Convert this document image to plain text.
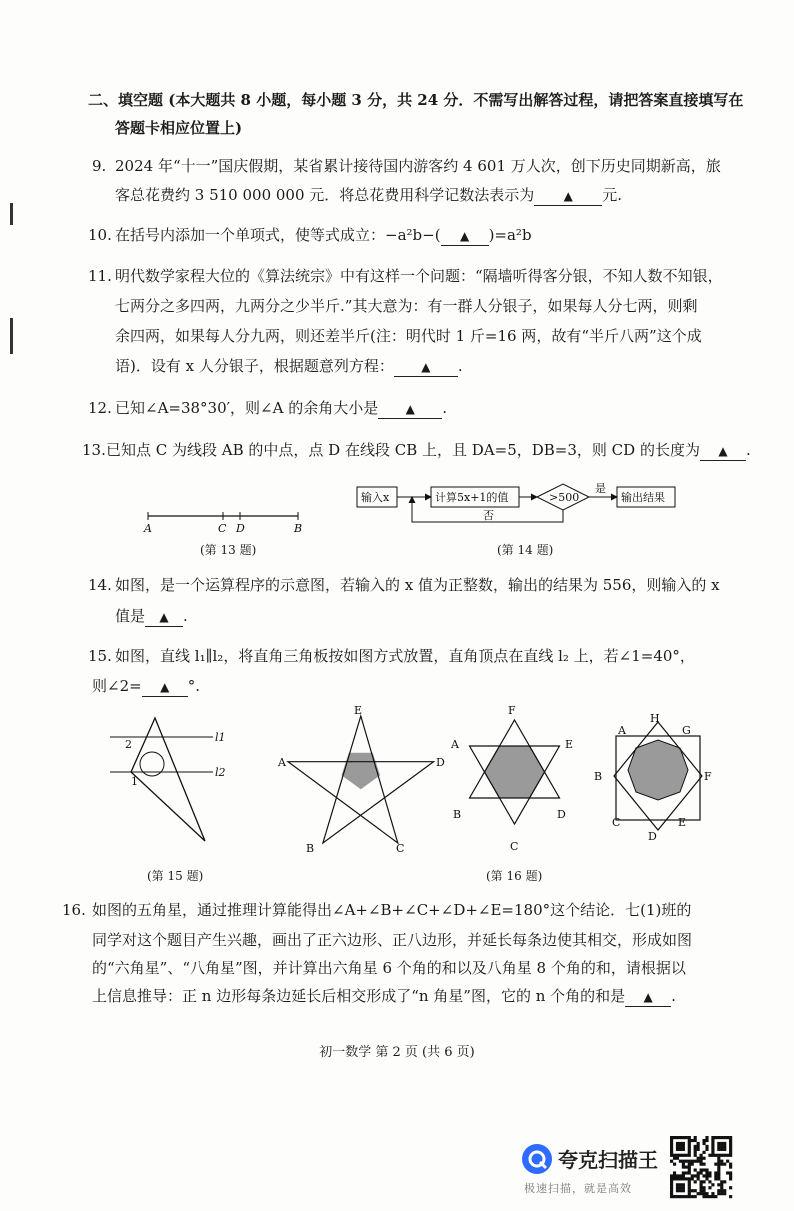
二、填空题 (本大题共 8 小题，每小题 3 分，共 24 分．不需写出解答过程，请把答案直接填写在
答题卡相应位置上)
9. 2024 年“十一”国庆假期，某省累计接待国内游客约 4 601 万人次，创下历史同期新高，旅
客总花费约 3 510 000 000 元．将总花费用科学记数法表示为 ▲ 元.
10. 在括号内添加一个单项式，使等式成立：−a²b−( ▲ )=a²b
11. 明代数学家程大位的《算法统宗》中有这样一个问题：“隔墙听得客分银，不知人数不知银，
七两分之多四两，九两分之少半斤.”其大意为：有一群人分银子，如果每人分七两，则剩
余四两，如果每人分九两，则还差半斤(注：明代时 1 斤=16 两，故有“半斤八两”这个成
语)．设有 x 人分银子，根据题意列方程： ▲ .
12. 已知∠A=38°30′，则∠A 的余角大小是 ▲ .
13. 已知点 C 为线段 AB 的中点，点 D 在线段 CB 上，且 DA=5，DB=3，则 CD 的长度为 ▲ .
A	C D	B
(第 13 题)
输入x	计算5x+1的值	>500
是
输出结果
否
(第 14 题)
14. 如图，是一个运算程序的示意图，若输入的 x 值为正整数，输出的结果为 556，则输入的 x
值是 ▲ .
15. 如图，直线 l₁∥l₂，将直角三角板按如图方式放置，直角顶点在直线 l₂ 上，若∠1=40°，
则∠2= ▲ °.
2
1
l1
l2
(第 15 题)
E
A	D
B	C
F
A	E
B	D
C
A
H
G
B	F
C
D
E
(第 16 题)
16. 如图的五角星，通过推理计算能得出∠A+∠B+∠C+∠D+∠E=180°这个结论．七(1)班的
同学对这个题目产生兴趣，画出了正六边形、正八边形，并延长每条边使其相交，形成如图
的“六角星”、“八角星”图，并计算出六角星 6 个角的和以及八角星 8 个角的和，请根据以
上信息推导：正 n 边形每条边延长后相交形成了“n 角星”图，它的 n 个角的和是 ▲ .
初一数学 第 2 页 (共 6 页)
夸克扫描王
极速扫描，就是高效
